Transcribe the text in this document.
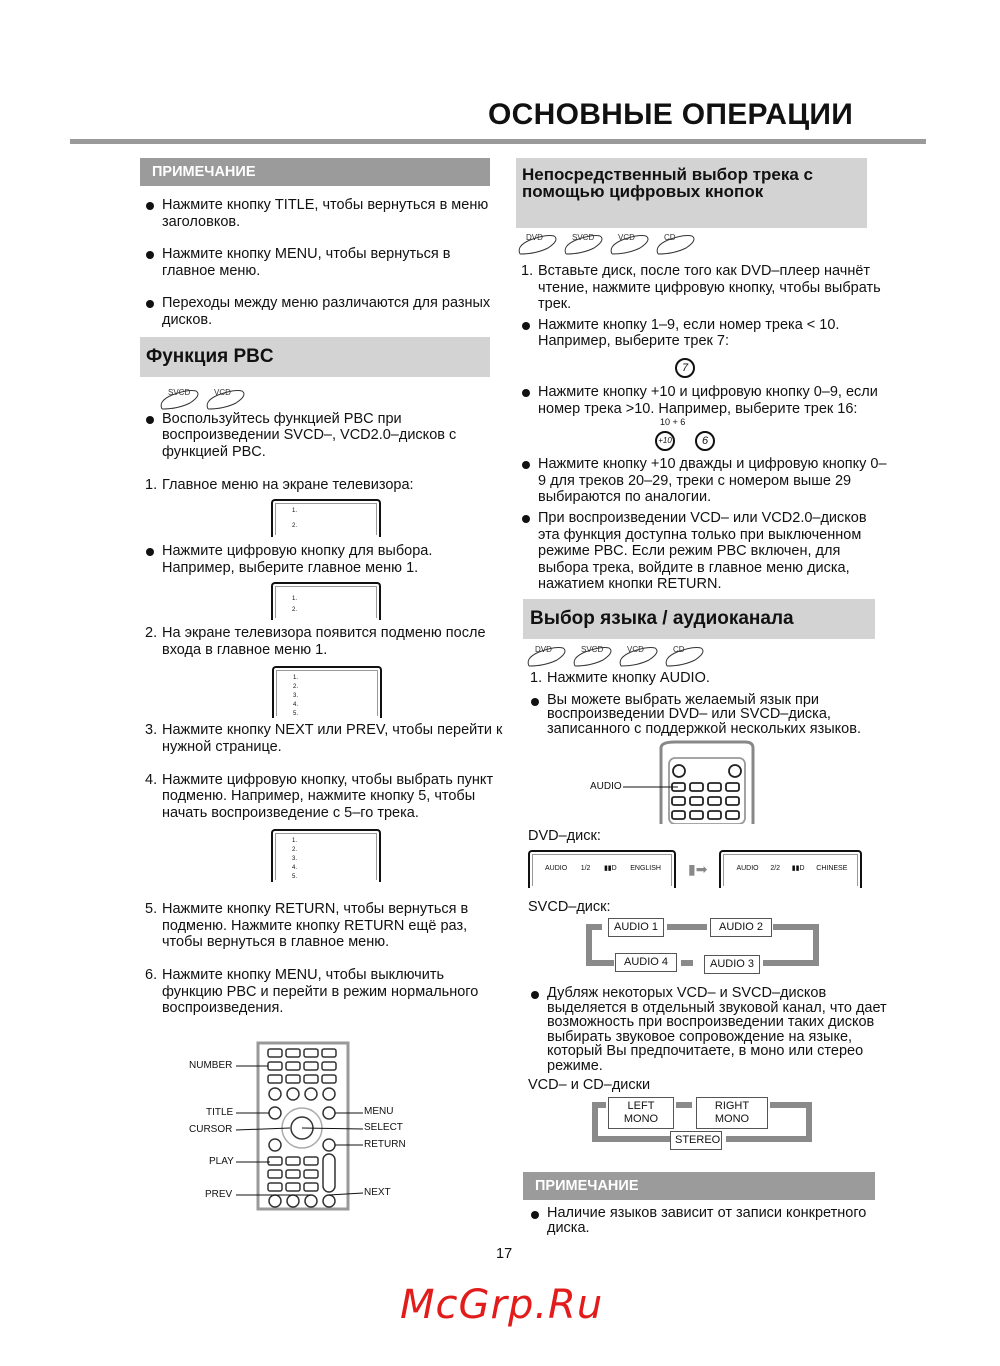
ОСНОВНЫЕ ОПЕРАЦИИ
ПРИМЕЧАНИЕ
Нажмите кнопку TITLE, чтобы вернуться в меню заголовков.
Нажмите кнопку MENU, чтобы вернуться в главное меню.
Переходы между меню различаются для разных дисков.
Функция PBC
SVCD	VCD
Воспользуйтесь функцией PBC при воспроизведении SVCD–, VCD2.0–дисков с функцией PBC.
1. Главное меню на экране телевизора:
1.
2.
Нажмите цифровую кнопку для выбора. Например, выберите главное меню 1.
1.
2.
2. На экране телевизора появится подменю после входа в главное меню 1.
1.
2.
3.
4.
5.
3. Нажмите кнопку NEXT или PREV, чтобы перейти к нужной странице.
4. Нажмите цифровую кнопку, чтобы выбрать пункт подменю. Например, нажмите кнопку 5, чтобы начать воспроизведение с 5–го трека.
1.
2.
3.
4.
5.
5. Нажмите кнопку RETURN, чтобы вернуться в подменю. Нажмите кнопку RETURN ещё раз, чтобы вернуться в главное меню.
6. Нажмите кнопку MENU, чтобы выключить функцию PBC и перейти в режим нормального воспроизведения.
NUMBER
TITLE
CURSOR
PLAY
PREV
MENU
SELECT
RETURN
NEXT
Непосредственный выбор трека с помощью цифровых кнопок
DVD	SVCD	VCD	CD
1. Вставьте диск, после того как DVD–плеер начнёт чтение, нажмите цифровую кнопку, чтобы выбрать трек.
Нажмите кнопку 1–9, если номер трека < 10. Например, выберите трек 7:
7
Нажмите кнопку +10 и цифровую кнопку 0–9, если номер трека >10. Например, выберите трек 16:
10 + 6
+10	6
Нажмите кнопку +10 дважды и цифровую кнопку 0–9 для треков 20–29, треки с номером выше 29 выбираются по аналогии.
При воспроизведении VCD– или VCD2.0–дисков эта функция доступна только при выключенном режиме PBC. Если режим PBC включен, для выбора трека, войдите в главное меню диска, нажатием кнопки RETURN.
Выбор языка / аудиоканала
DVD	SVCD	VCD	CD
1. Нажмите кнопку AUDIO.
Вы можете выбрать желаемый язык при воспроизведении DVD– или SVCD–диска, записанного с поддержкой нескольких языков.
AUDIO
DVD–диск:
AUDIO 1/2 ▮▮D ENGLISH ▮➡	AUDIO 2/2 ▮▮D CHINESE
SVCD–диск:
AUDIO 1	AUDIO 2
AUDIO 3
AUDIO 4
Дубляж некоторых VCD– и SVCD–дисков выделяется в отдельный звуковой канал, что дает возможность при воспроизведении таких дисков выбирать звуковое сопровождение на языке, который Вы предпочитаете, в моно или стерео режиме.
VCD– и CD–диски
LEFT MONO
RIGHT MONO
STEREO
ПРИМЕЧАНИЕ
Наличие языков зависит от записи конкретного диска.
17
McGrp.Ru
